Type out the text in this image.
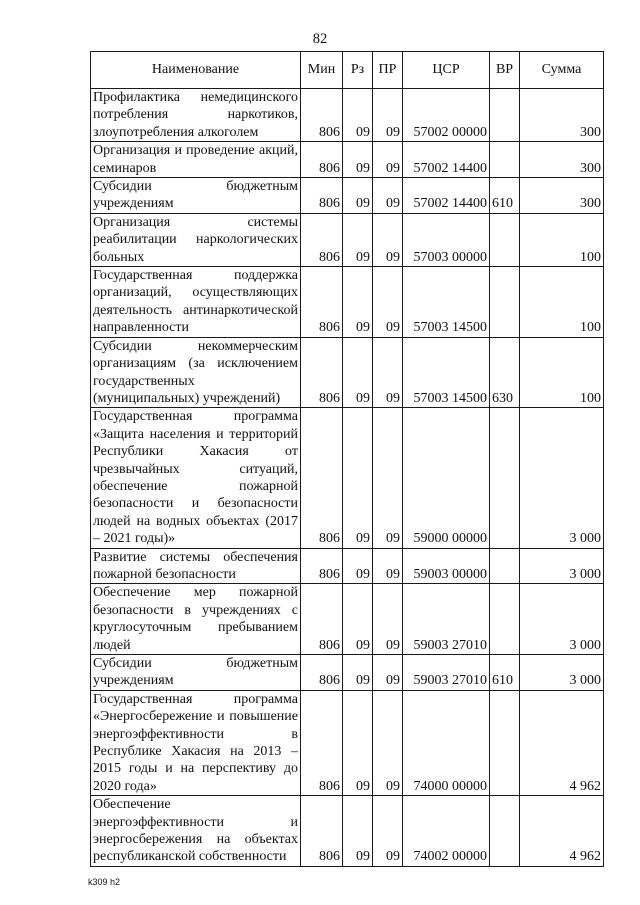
82
Наименование	Мин	Рз	ПР	ЦСР	ВР	Сумма
Профилактика немедицинского потребления наркотиков, злоупотребления алкоголем	806	09	09	57002 00000		300
Организация и проведение акций, семинаров	806	09	09	57002 14400		300
Субсидии бюджетным учреждениям	806	09	09	57002 14400	610	300
Организация системы реабилитации наркологических больных	806	09	09	57003 00000		100
Государственная поддержка организаций, осуществляющих деятельность антинаркотической направленности	806	09	09	57003 14500		100
Субсидии некоммерческим организациям (за исключением государственных (муниципальных) учреждений)	806	09	09	57003 14500	630	100
Государственная программа «Защита населения и территорий Республики Хакасия от чрезвычайных ситуаций, обеспечение пожарной безопасности и безопасности людей на водных объектах (2017 – 2021 годы)»	806	09	09	59000 00000		3 000
Развитие системы обеспечения пожарной безопасности	806	09	09	59003 00000		3 000
Обеспечение мер пожарной безопасности в учреждениях с круглосуточным пребыванием людей	806	09	09	59003 27010		3 000
Субсидии бюджетным учреждениям	806	09	09	59003 27010	610	3 000
Государственная программа «Энергосбережение и повышение энергоэффективности в Республике Хакасия на 2013 – 2015 годы и на перспективу до 2020 года»	806	09	09	74000 00000		4 962
Обеспечение энергоэффективности и энергосбережения на объектах республиканской собственности	806	09	09	74002 00000		4 962
k309 h2
